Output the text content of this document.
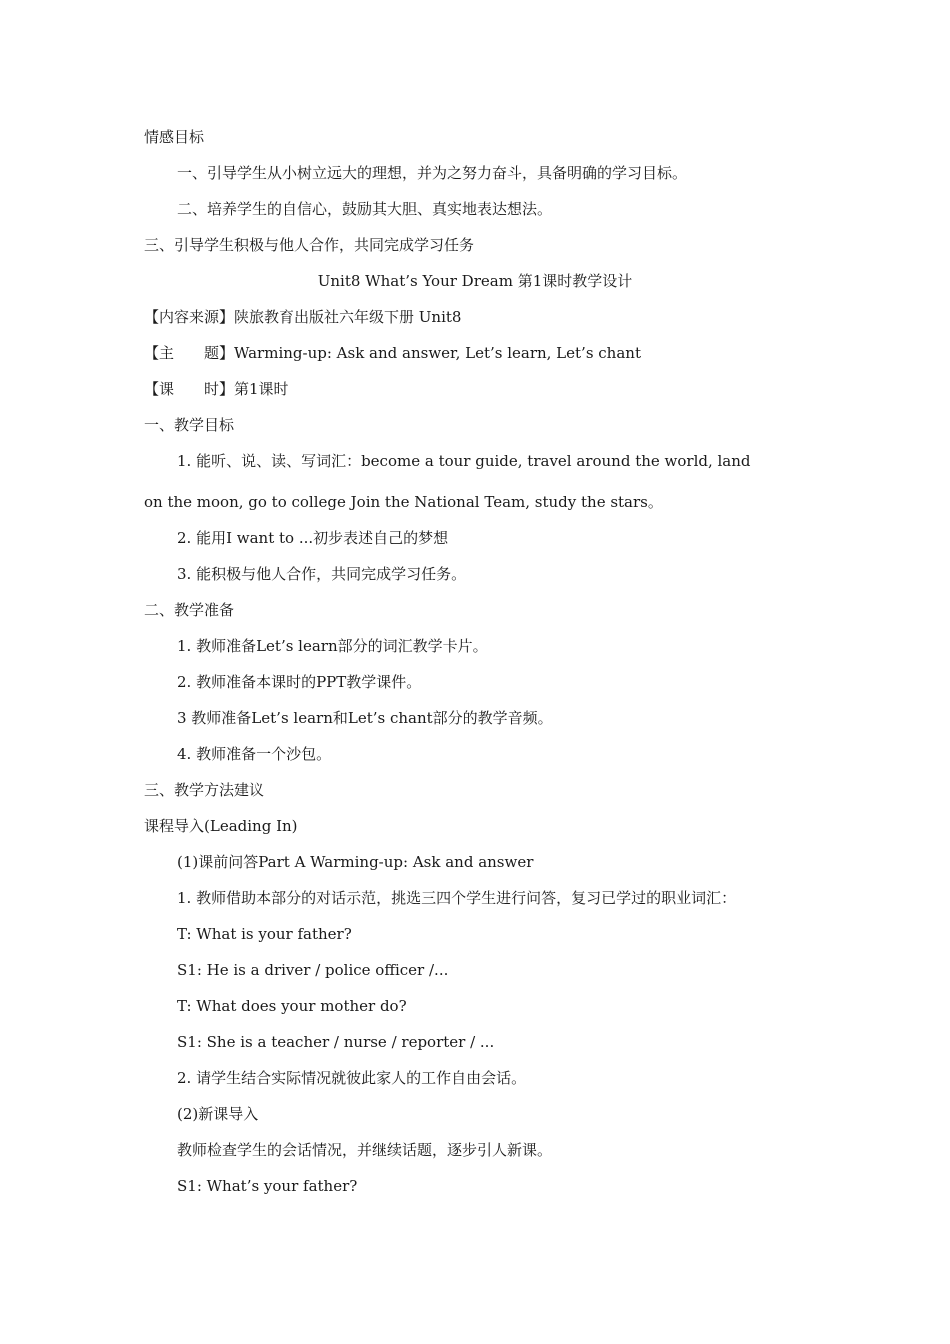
情感目标
一、引导学生从小树立远大的理想，并为之努力奋斗，具备明确的学习目标。
二、培养学生的自信心，鼓励其大胆、真实地表达想法。
三、引导学生积极与他人合作，共同完成学习任务
Unit8 What’s Your Dream 第1课时教学设计
【内容来源】陕旅教育出版社六年级下册 Unit8
【主　　题】Warming-up: Ask and answer, Let’s learn, Let’s chant
【课　　时】第1课时
一、教学目标
1. 能听、说、读、写词汇：become a tour guide, travel around the world, land
on the moon, go to college Join the National Team, study the stars。
2. 能用I want to ...初步表述自己的梦想
3. 能积极与他人合作，共同完成学习任务。
二、教学准备
1. 教师准备Let’s learn部分的词汇教学卡片。
2. 教师准备本课时的PPT教学课件。
3 教师准备Let’s learn和Let’s chant部分的教学音频。
4. 教师准备一个沙包。
三、教学方法建议
课程导入(Leading In)
(1)课前问答Part A Warming-up: Ask and answer
1. 教师借助本部分的对话示范，挑选三四个学生进行问答，复习已学过的职业词汇：
T: What is your father?
S1: He is a driver / police officer /...
T: What does your mother do?
S1: She is a teacher / nurse / reporter / ...
2. 请学生结合实际情况就彼此家人的工作自由会话。
(2)新课导入
教师检查学生的会话情况，并继续话题，逐步引人新课。
S1: What’s your father?
